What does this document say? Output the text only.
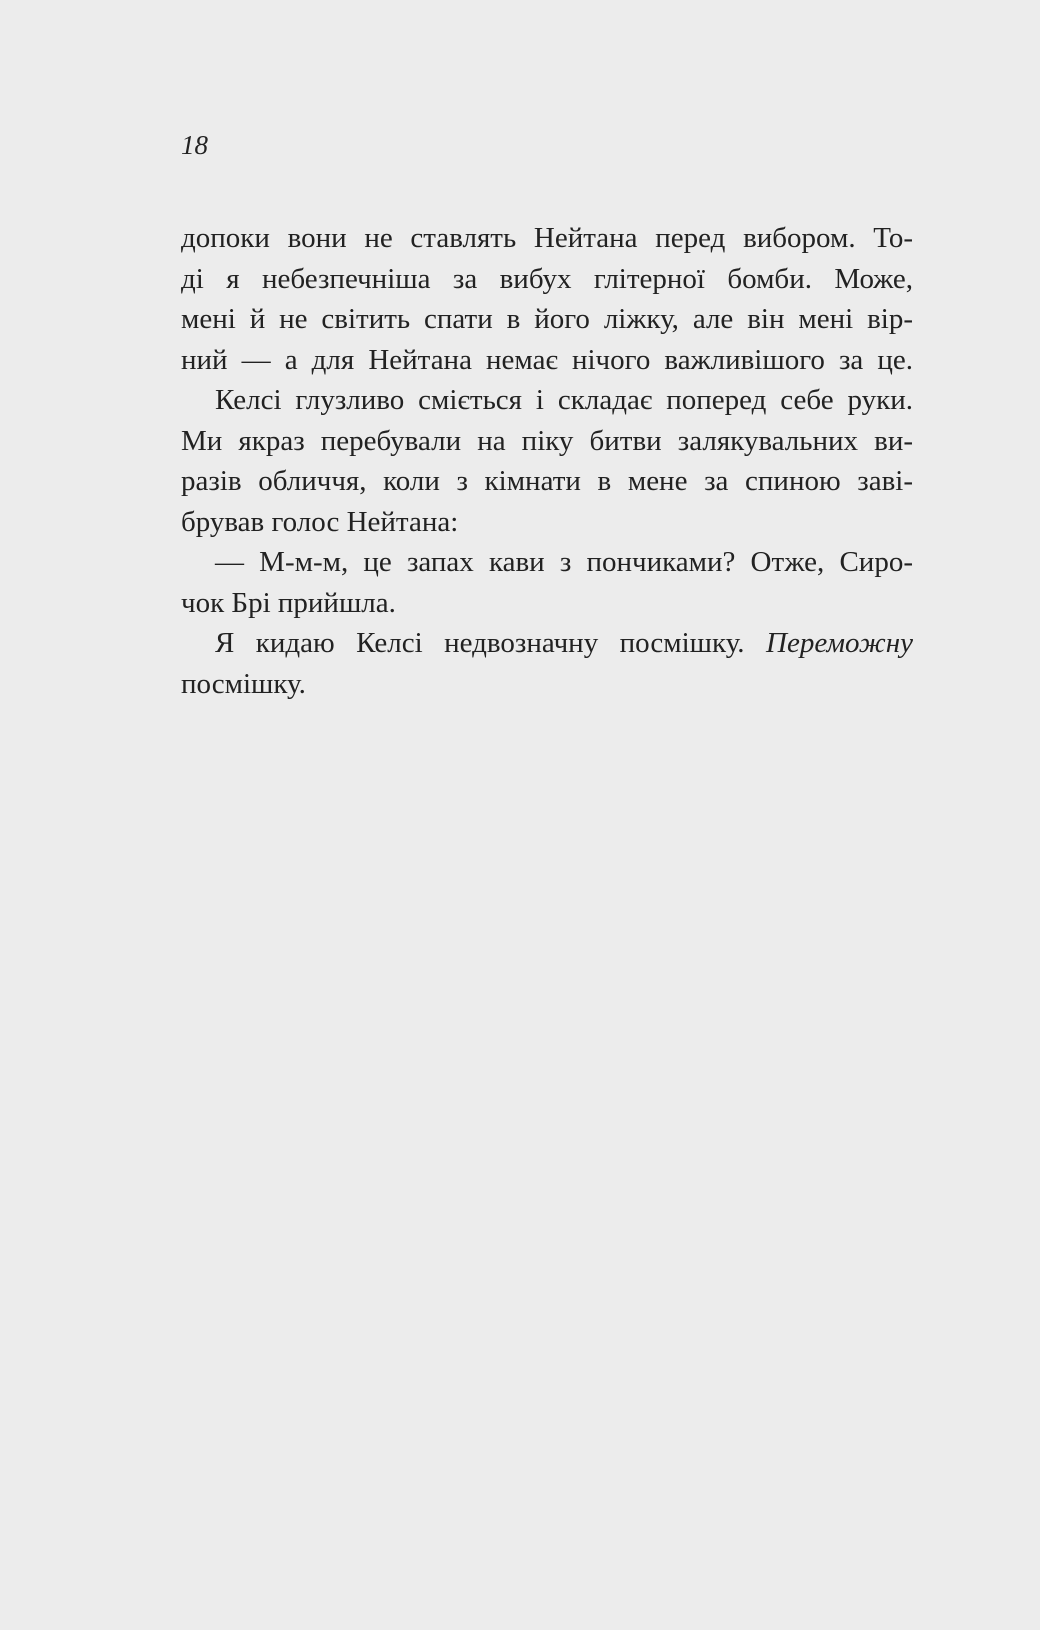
18
допоки вони не ставлять Нейтана перед вибором. То-
ді я небезпечніша за вибух глітерної бомби. Може,
мені й не світить спати в його ліжку, але він мені вір-
ний — а для Нейтана немає нічого важливішого за це.
Келсі глузливо сміється і складає поперед себе руки.
Ми якраз перебували на піку битви залякувальних ви-
разів обличчя, коли з кімнати в мене за спиною заві-
брував голос Нейтана:
— М-м-м, це запах кави з пончиками? Отже, Сиро-
чок Брі прийшла.
Я кидаю Келсі недвозначну посмішку. Переможну
посмішку.
